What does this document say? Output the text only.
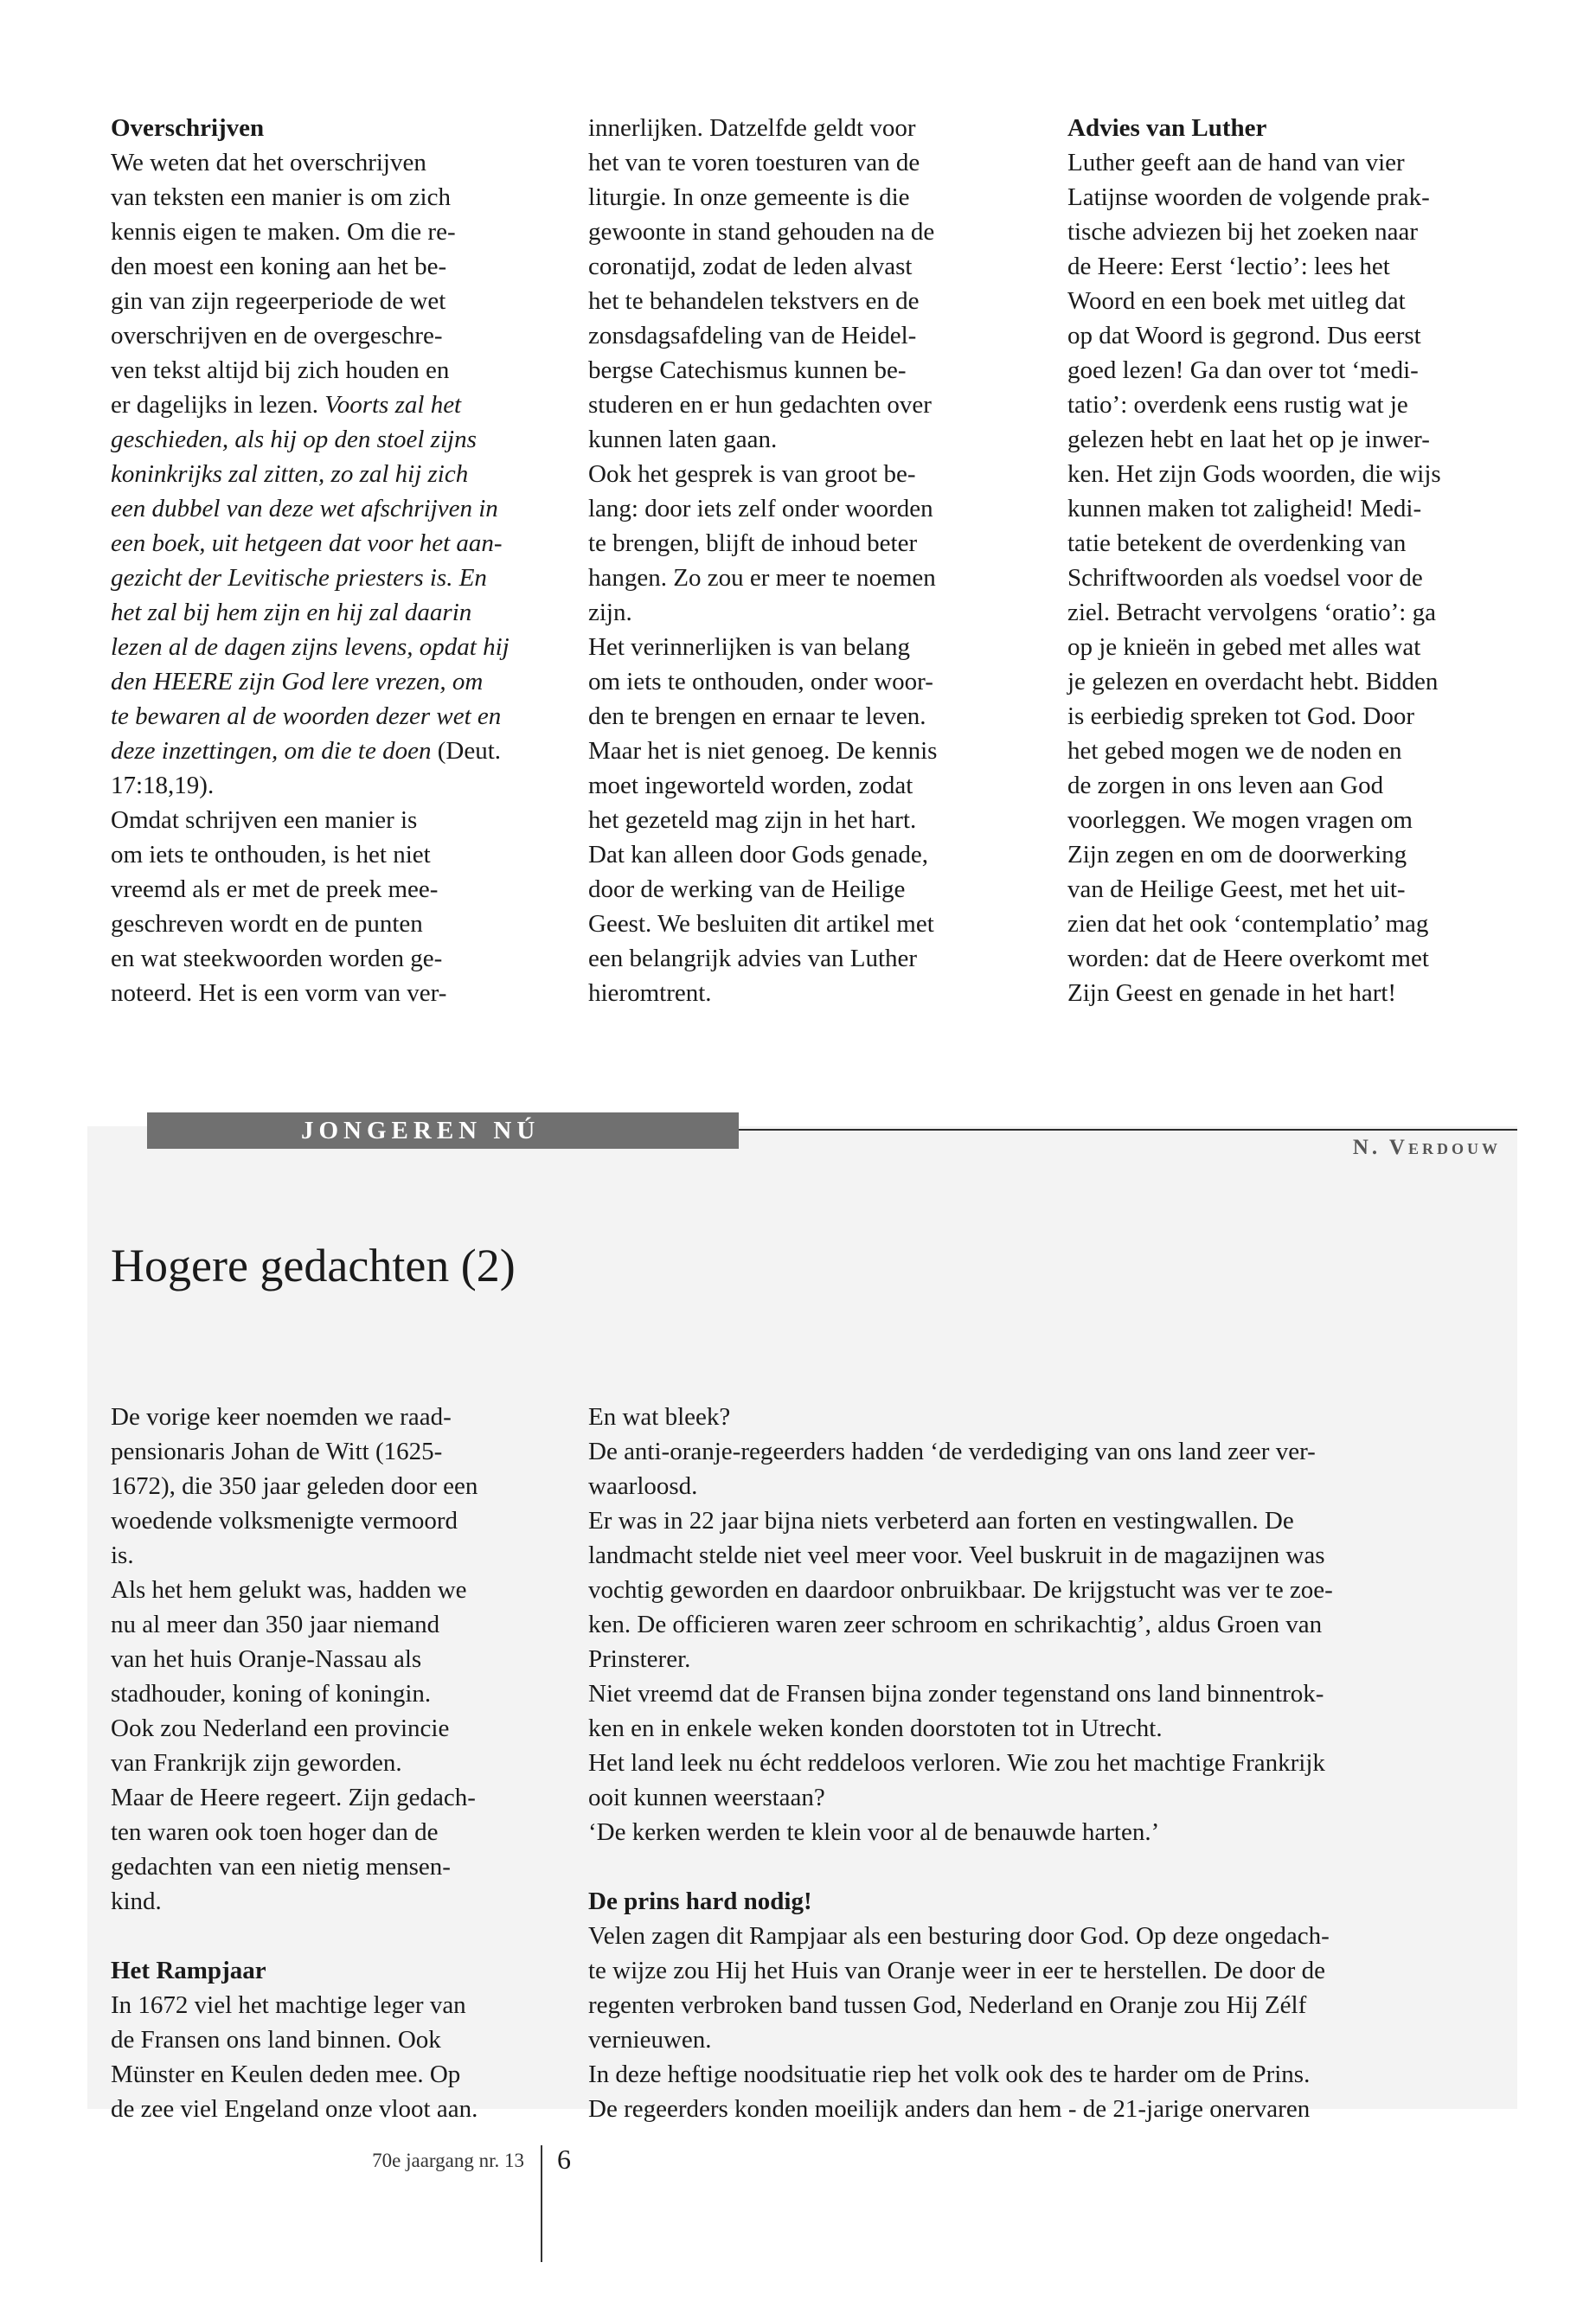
Overschrijven

We weten dat het overschrijven

van teksten een manier is om zich

kennis eigen te maken. Om die re-

den moest een koning aan het be-

gin van zijn regeerperiode de wet

overschrijven en de overgeschre-

ven tekst altijd bij zich houden en

er dagelijks in lezen. Voorts zal het

geschieden, als hij op den stoel zijns

koninkrijks zal zitten, zo zal hij zich

een dubbel van deze wet afschrijven in

een boek, uit hetgeen dat voor het aan-

gezicht der Levitische priesters is. En

het zal bij hem zijn en hij zal daarin

lezen al de dagen zijns levens, opdat hij

den HEERE zijn God lere vrezen, om

te bewaren al de woorden dezer wet en

deze inzettingen, om die te doen (Deut.

17:18,19).

Omdat schrijven een manier is

om iets te onthouden, is het niet

vreemd als er met de preek mee-

geschreven wordt en de punten

en wat steekwoorden worden ge-

noteerd. Het is een vorm van ver-

innerlijken. Datzelfde geldt voor

het van te voren toesturen van de

liturgie. In onze gemeente is die

gewoonte in stand gehouden na de

coronatijd, zodat de leden alvast

het te behandelen tekstvers en de

zonsdagsafdeling van de Heidel-

bergse Catechismus kunnen be-

studeren en er hun gedachten over

kunnen laten gaan.

Ook het gesprek is van groot be-

lang: door iets zelf onder woorden

te brengen, blijft de inhoud beter

hangen. Zo zou er meer te noemen

zijn.

Het verinnerlijken is van belang

om iets te onthouden, onder woor-

den te brengen en ernaar te leven.

Maar het is niet genoeg. De kennis

moet ingeworteld worden, zodat

het gezeteld mag zijn in het hart.

Dat kan alleen door Gods genade,

door de werking van de Heilige

Geest. We besluiten dit artikel met

een belangrijk advies van Luther

hieromtrent.

Advies van Luther

Luther geeft aan de hand van vier

Latijnse woorden de volgende prak-

tische adviezen bij het zoeken naar

de Heere: Eerst ‘lectio’: lees het

Woord en een boek met uitleg dat

op dat Woord is gegrond. Dus eerst

goed lezen! Ga dan over tot ‘medi-

tatio’: overdenk eens rustig wat je

gelezen hebt en laat het op je inwer-

ken. Het zijn Gods woorden, die wijs

kunnen maken tot zaligheid! Medi-

tatie betekent de overdenking van

Schriftwoorden als voedsel voor de

ziel. Betracht vervolgens ‘oratio’: ga

op je knieën in gebed met alles wat

je gelezen en overdacht hebt. Bidden

is eerbiedig spreken tot God. Door

het gebed mogen we de noden en

de zorgen in ons leven aan God

voorleggen. We mogen vragen om

Zijn zegen en om de doorwerking

van de Heilige Geest, met het uit-

zien dat het ook ‘contemplatio’ mag

worden: dat de Heere overkomt met

Zijn Geest en genade in het hart!

JONGEREN NÚ
N. Verdouw
Hogere gedachten (2)

De vorige keer noemden we raad-

pensionaris Johan de Witt (1625-

1672), die 350 jaar geleden door een

woedende volksmenigte vermoord

is.

Als het hem gelukt was, hadden we

nu al meer dan 350 jaar niemand

van het huis Oranje-Nassau als

stadhouder, koning of koningin.

Ook zou Nederland een provincie

van Frankrijk zijn geworden.

Maar de Heere regeert. Zijn gedach-

ten waren ook toen hoger dan de

gedachten van een nietig mensen-

kind.

Het Rampjaar

In 1672 viel het machtige leger van

de Fransen ons land binnen. Ook

Münster en Keulen deden mee. Op

de zee viel Engeland onze vloot aan.

En wat bleek?

De anti-oranje-regeerders hadden ‘de verdediging van ons land zeer ver-

waarloosd.

Er was in 22 jaar bijna niets verbeterd aan forten en vestingwallen. De

landmacht stelde niet veel meer voor. Veel buskruit in de magazijnen was

vochtig geworden en daardoor onbruikbaar. De krijgstucht was ver te zoe-

ken. De officieren waren zeer schroom en schrikachtig’, aldus Groen van

Prinsterer.

Niet vreemd dat de Fransen bijna zonder tegenstand ons land binnentrok-

ken en in enkele weken konden doorstoten tot in Utrecht.

Het land leek nu écht reddeloos verloren. Wie zou het machtige Frankrijk

ooit kunnen weerstaan?

‘De kerken werden te klein voor al de benauwde harten.’

De prins hard nodig!

Velen zagen dit Rampjaar als een besturing door God. Op deze ongedach-

te wijze zou Hij het Huis van Oranje weer in eer te herstellen. De door de

regenten verbroken band tussen God, Nederland en Oranje zou Hij Zélf

vernieuwen.

In deze heftige noodsituatie riep het volk ook des te harder om de Prins.

De regeerders konden moeilijk anders dan hem - de 21-jarige onervaren

70e jaargang nr. 13 6
